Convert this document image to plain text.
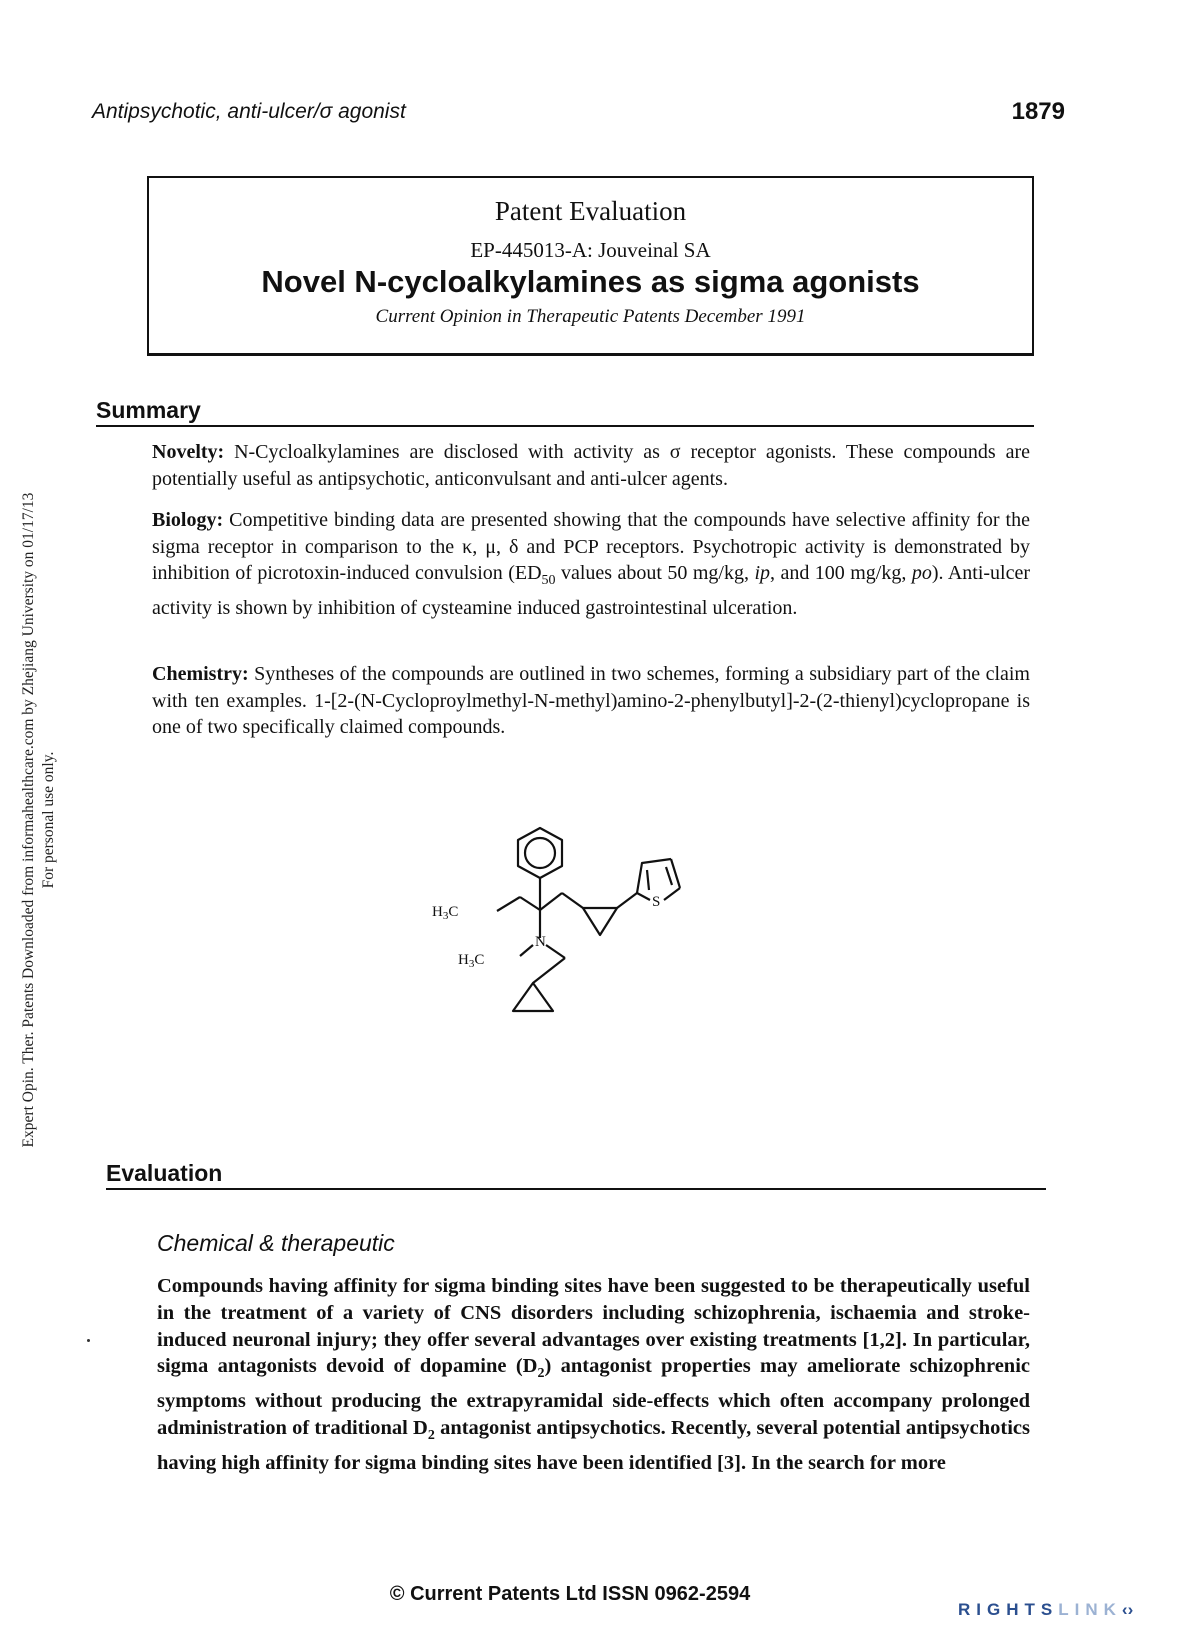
Antipsychotic, anti-ulcer/σ agonist	1879
Patent Evaluation
EP-445013-A: Jouveinal SA
Novel N-cycloalkylamines as sigma agonists
Current Opinion in Therapeutic Patents December 1991
Expert Opin. Ther. Patents Downloaded from informahealthcare.com by Zhejiang University on 01/17/13 For personal use only.
Summary
Novelty: N-Cycloalkylamines are disclosed with activity as σ receptor agonists. These compounds are potentially useful as antipsychotic, anticonvulsant and anti-ulcer agents.
Biology: Competitive binding data are presented showing that the compounds have selective affinity for the sigma receptor in comparison to the κ, μ, δ and PCP receptors. Psychotropic activity is demonstrated by inhibition of picrotoxin-induced convulsion ($ED_{50}$ values about 50 mg/kg, ip, and 100 mg/kg, po). Anti-ulcer activity is shown by inhibition of cysteamine induced gastrointestinal ulceration.
Chemistry: Syntheses of the compounds are outlined in two schemes, forming a subsidiary part of the claim with ten examples. 1-[2-(N-Cycloproylmethyl-N-methyl)amino-2-phenylbutyl]-2-(2-thienyl)cyclopropane is one of two specifically claimed compounds.
$H_3C$
$H_3C$
N
S
Evaluation
Chemical & therapeutic
Compounds having affinity for sigma binding sites have been suggested to be therapeutically useful in the treatment of a variety of CNS disorders including schizophrenia, ischaemia and stroke-induced neuronal injury; they offer several advantages over existing treatments [1,2]. In particular, sigma antagonists devoid of dopamine $(D_2)$ antagonist properties may ameliorate schizophrenic symptoms without producing the extrapyramidal side-effects which often accompany prolonged administration of traditional $D_2$ antagonist antipsychotics. Recently, several potential antipsychotics having high affinity for sigma binding sites have been identified [3]. In the search for more
© Current Patents Ltd ISSN 0962-2594
RIGHTSLINK‹›
